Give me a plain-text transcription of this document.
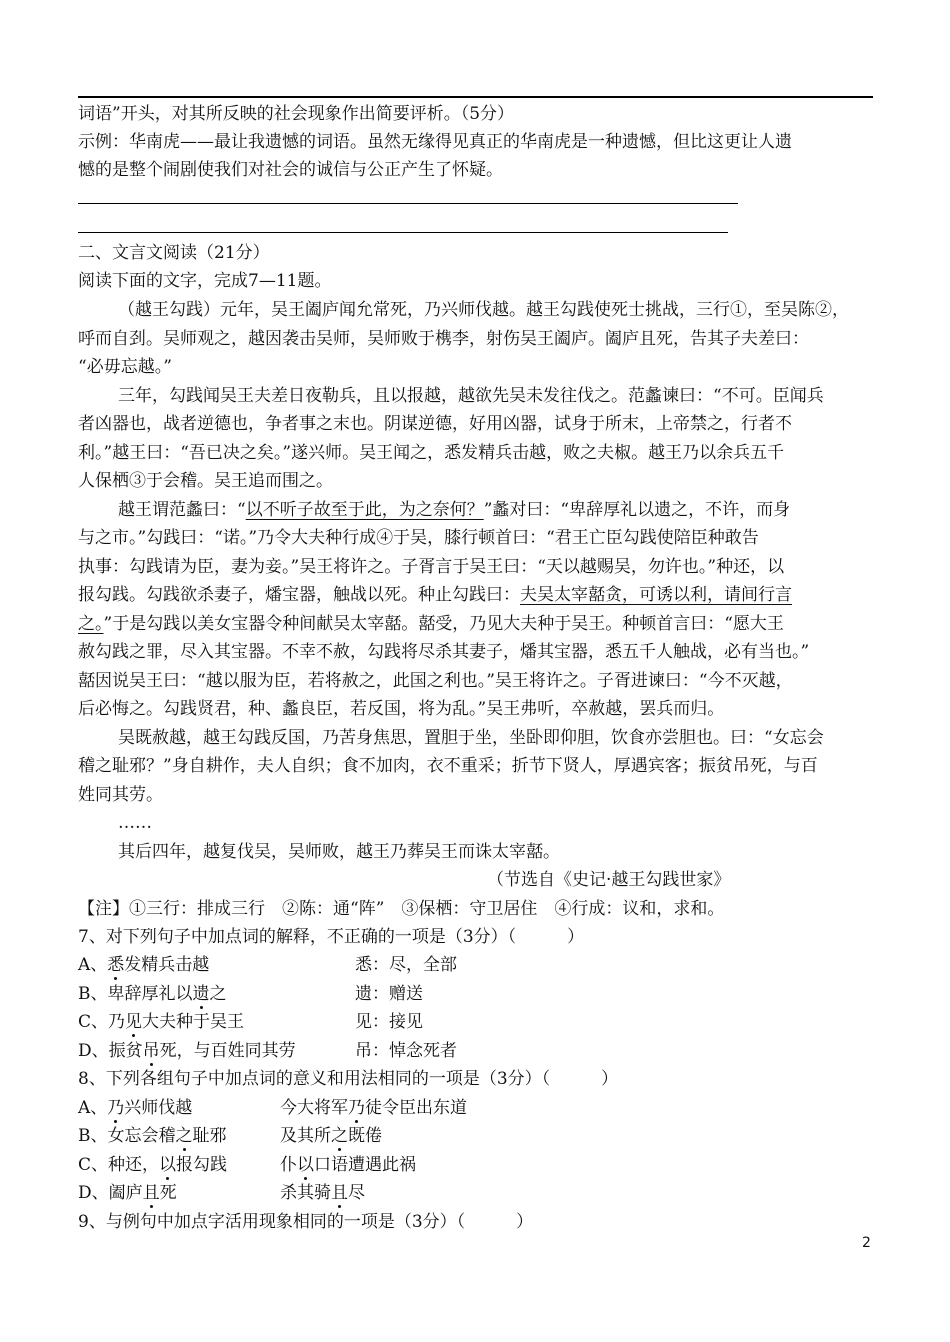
词语”开头，对其所反映的社会现象作出简要评析。（5分）
示例：华南虎——最让我遗憾的词语。虽然无缘得见真正的华南虎是一种遗憾，但比这更让人遗
憾的是整个闹剧使我们对社会的诚信与公正产生了怀疑。
二、文言文阅读（21分）
阅读下面的文字，完成7—11题。
（越王勾践）元年，吴王阖庐闻允常死，乃兴师伐越。越王勾践使死士挑战，三行①，至吴陈②，
呼而自刭。吴师观之，越因袭击吴师，吴师败于槜李，射伤吴王阖庐。阖庐且死，告其子夫差曰：
“必毋忘越。”
三年，勾践闻吴王夫差日夜勒兵，且以报越，越欲先吴未发往伐之。范蠡谏曰：“不可。臣闻兵
者凶器也，战者逆德也，争者事之末也。阴谋逆德，好用凶器，试身于所末，上帝禁之，行者不
利。”越王曰：“吾已决之矣。”遂兴师。吴王闻之，悉发精兵击越，败之夫椒。越王乃以余兵五千
人保栖③于会稽。吴王追而围之。
越王谓范蠡曰：“以不听子故至于此，为之奈何？”蠡对曰：“卑辞厚礼以遗之，不许，而身
与之市。”勾践曰：“诺。”乃令大夫种行成④于吴，膝行顿首曰：“君王亡臣勾践使陪臣种敢告
执事：勾践请为臣，妻为妾。”吴王将许之。子胥言于吴王曰：“天以越赐吴，勿许也。”种还，以
报勾践。勾践欲杀妻子，燔宝器，触战以死。种止勾践曰：夫吴太宰嚭贪，可诱以利，请间行言
之。”于是勾践以美女宝器令种间献吴太宰嚭。嚭受，乃见大夫种于吴王。种顿首言曰：“愿大王
赦勾践之罪，尽入其宝器。不幸不赦，勾践将尽杀其妻子，燔其宝器，悉五千人触战，必有当也。”
嚭因说吴王曰：“越以服为臣，若将赦之，此国之利也。”吴王将许之。子胥进谏曰：“今不灭越，
后必悔之。勾践贤君，种、蠡良臣，若反国，将为乱。”吴王弗听，卒赦越，罢兵而归。
吴既赦越，越王勾践反国，乃苦身焦思，置胆于坐，坐卧即仰胆，饮食亦尝胆也。曰：“女忘会
稽之耻邪？”身自耕作，夫人自织；食不加肉，衣不重采；折节下贤人，厚遇宾客；振贫吊死，与百
姓同其劳。
……
其后四年，越复伐吴，吴师败，越王乃葬吴王而诛太宰嚭。
（节选自《史记·越王勾践世家》
【注】①三行：排成三行　②陈：通“阵”　③保栖：守卫居住　④行成：议和，求和。
7、对下列句子中加点词的解释，不正确的一项是（3分）（　　　）
A、悉发精兵击越	悉：尽，全部
B、卑辞厚礼以遗之	遗：赠送
C、乃见大夫种于吴王	见：接见
D、振贫吊死，与百姓同其劳	吊：悼念死者
8、下列各组句子中加点词的意义和用法相同的一项是（3分）（　　　）
A、乃兴师伐越	今大将军乃徒令臣出东道
B、女忘会稽之耻邪	及其所之既倦
C、种还，以报勾践	仆以口语遭遇此祸
D、阖庐且死	杀其骑且尽
9、与例句中加点字活用现象相同的一项是（3分）（　　　）
2
